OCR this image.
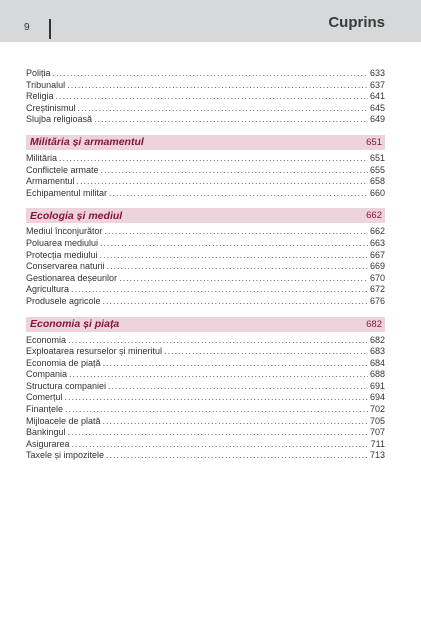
9	Cuprins
Poliția .....	633
Tribunalul .....	637
Religia .....	641
Creștinismul .....	645
Slujba religioasă .....	649
Milităria și armamentul	651
Milităria .....	651
Conflictele armate .....	655
Armamentul .....	658
Echipamentul militar .....	660
Ecologia și mediul	662
Mediul înconjurător .....	662
Poluarea mediului .....	663
Protecția mediului .....	667
Conservarea naturii .....	669
Gestionarea deșeurilor .....	670
Agricultura .....	672
Produsele agricole .....	676
Economia și piața	682
Economia .....	682
Exploatarea resurselor și mineritul .....	683
Economia de piață .....	684
Compania .....	688
Structura companiei .....	691
Comerțul .....	694
Finanțele .....	702
Mijloacele de plată .....	705
Bankingul .....	707
Asigurarea .....	711
Taxele și impozitele .....	713
